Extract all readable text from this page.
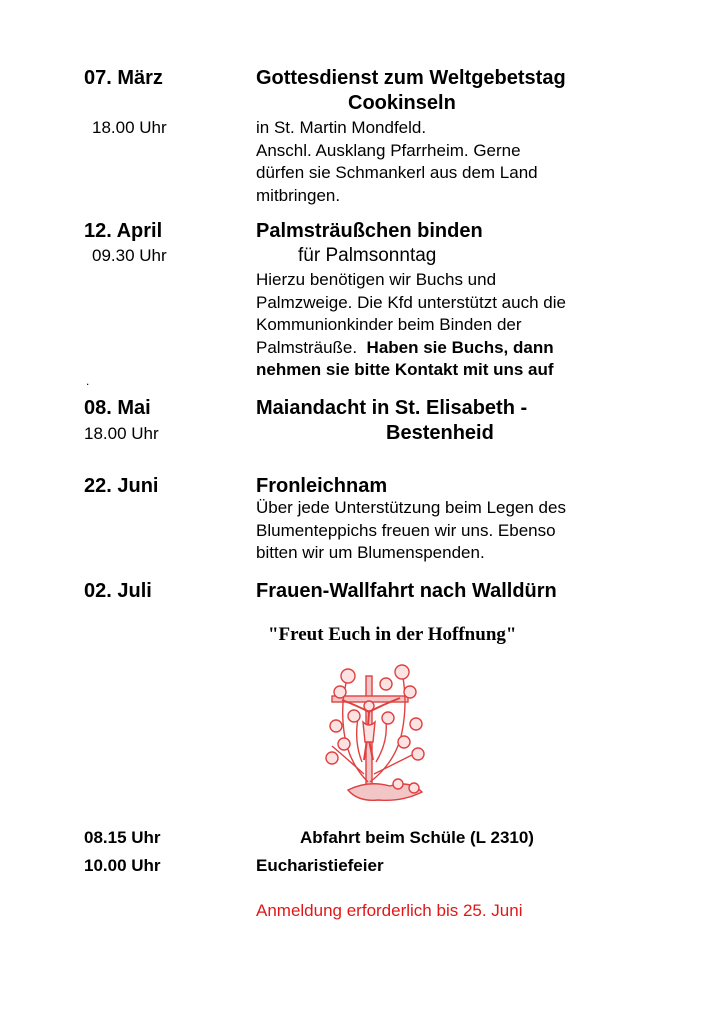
07. März	Gottesdienst zum Weltgebetstag
Cookinseln
18.00 Uhr	in St. Martin Mondfeld.
Anschl. Ausklang Pfarrheim. Gerne
dürfen sie Schmankerl aus dem Land
mitbringen.
12. April	Palmsträußchen binden
09.30 Uhr	für Palmsonntag
Hierzu benötigen wir Buchs und
Palmzweige. Die Kfd unterstützt auch die
Kommunionkinder beim Binden der
Palmsträuße. Haben sie Buchs, dann
nehmen sie bitte Kontakt mit uns auf
.
08. Mai	Maiandacht in St. Elisabeth -
18.00 Uhr	Bestenheid
22. Juni	Fronleichnam
Über jede Unterstützung beim Legen des
Blumenteppichs freuen wir uns. Ebenso
bitten wir um Blumenspenden.
02. Juli	Frauen-Wallfahrt nach Walldürn
"Freut Euch in der Hoffnung"
08.15 Uhr	Abfahrt beim Schüle (L 2310)
10.00 Uhr	Eucharistiefeier
Anmeldung erforderlich bis 25. Juni
